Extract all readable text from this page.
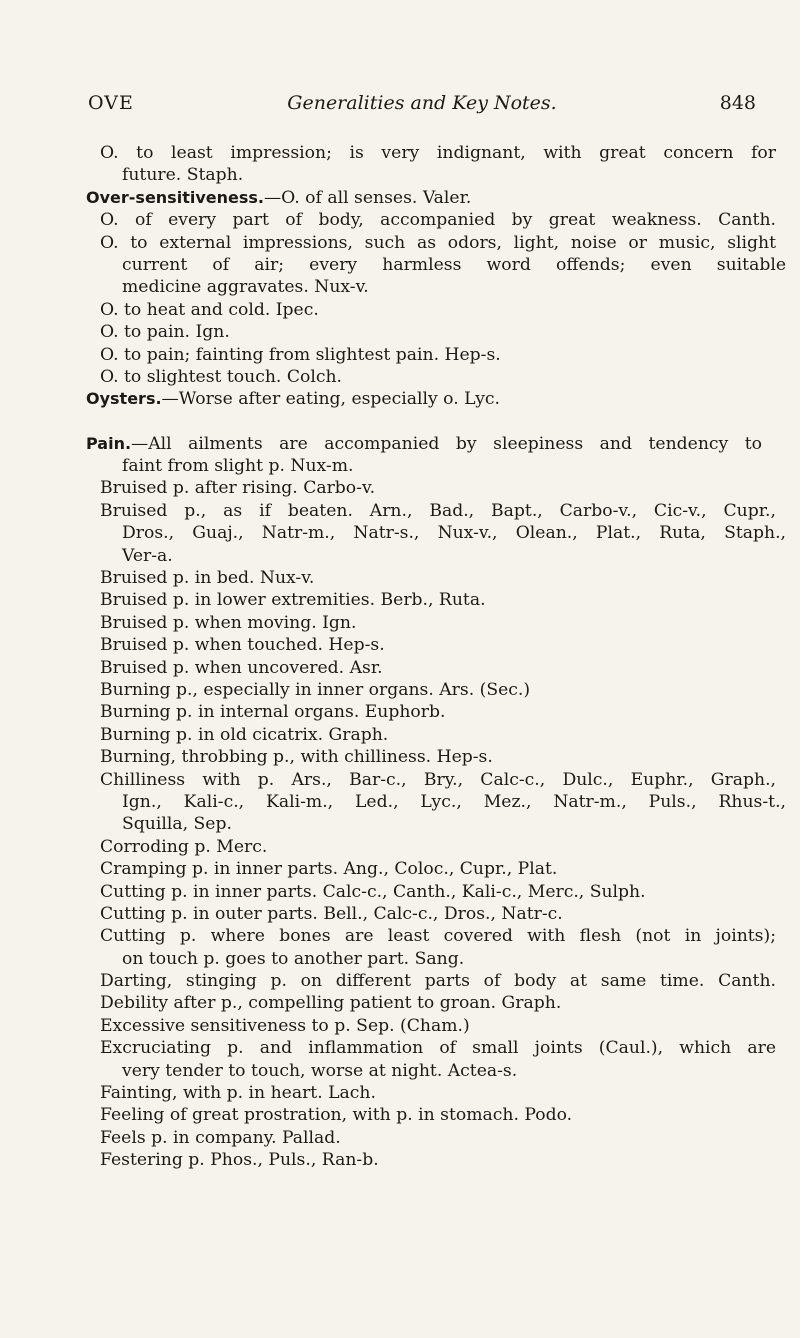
OVE	Generalities and Key Notes.	848
O. to least impression; is very indignant, with great concern for
future. Staph.
Over-sensitiveness.—O. of all senses. Valer.
O. of every part of body, accompanied by great weakness. Canth.
O. to external impressions, such as odors, light, noise or music, slight
current of air; every harmless word offends; even suitable
medicine aggravates. Nux-v.
O. to heat and cold. Ipec.
O. to pain. Ign.
O. to pain; fainting from slightest pain. Hep-s.
O. to slightest touch. Colch.
Oysters.—Worse after eating, especially o. Lyc.
Pain.—All ailments are accompanied by sleepiness and tendency to
faint from slight p. Nux-m.
Bruised p. after rising. Carbo-v.
Bruised p., as if beaten. Arn., Bad., Bapt., Carbo-v., Cic-v., Cupr.,
Dros., Guaj., Natr-m., Natr-s., Nux-v., Olean., Plat., Ruta, Staph.,
Ver-a.
Bruised p. in bed. Nux-v.
Bruised p. in lower extremities. Berb., Ruta.
Bruised p. when moving. Ign.
Bruised p. when touched. Hep-s.
Bruised p. when uncovered. Asr.
Burning p., especially in inner organs. Ars. (Sec.)
Burning p. in internal organs. Euphorb.
Burning p. in old cicatrix. Graph.
Burning, throbbing p., with chilliness. Hep-s.
Chilliness with p. Ars., Bar-c., Bry., Calc-c., Dulc., Euphr., Graph.,
Ign., Kali-c., Kali-m., Led., Lyc., Mez., Natr-m., Puls., Rhus-t.,
Squilla, Sep.
Corroding p. Merc.
Cramping p. in inner parts. Ang., Coloc., Cupr., Plat.
Cutting p. in inner parts. Calc-c., Canth., Kali-c., Merc., Sulph.
Cutting p. in outer parts. Bell., Calc-c., Dros., Natr-c.
Cutting p. where bones are least covered with flesh (not in joints);
on touch p. goes to another part. Sang.
Darting, stinging p. on different parts of body at same time. Canth.
Debility after p., compelling patient to groan. Graph.
Excessive sensitiveness to p. Sep. (Cham.)
Excruciating p. and inflammation of small joints (Caul.), which are
very tender to touch, worse at night. Actea-s.
Fainting, with p. in heart. Lach.
Feeling of great prostration, with p. in stomach. Podo.
Feels p. in company. Pallad.
Festering p. Phos., Puls., Ran-b.
